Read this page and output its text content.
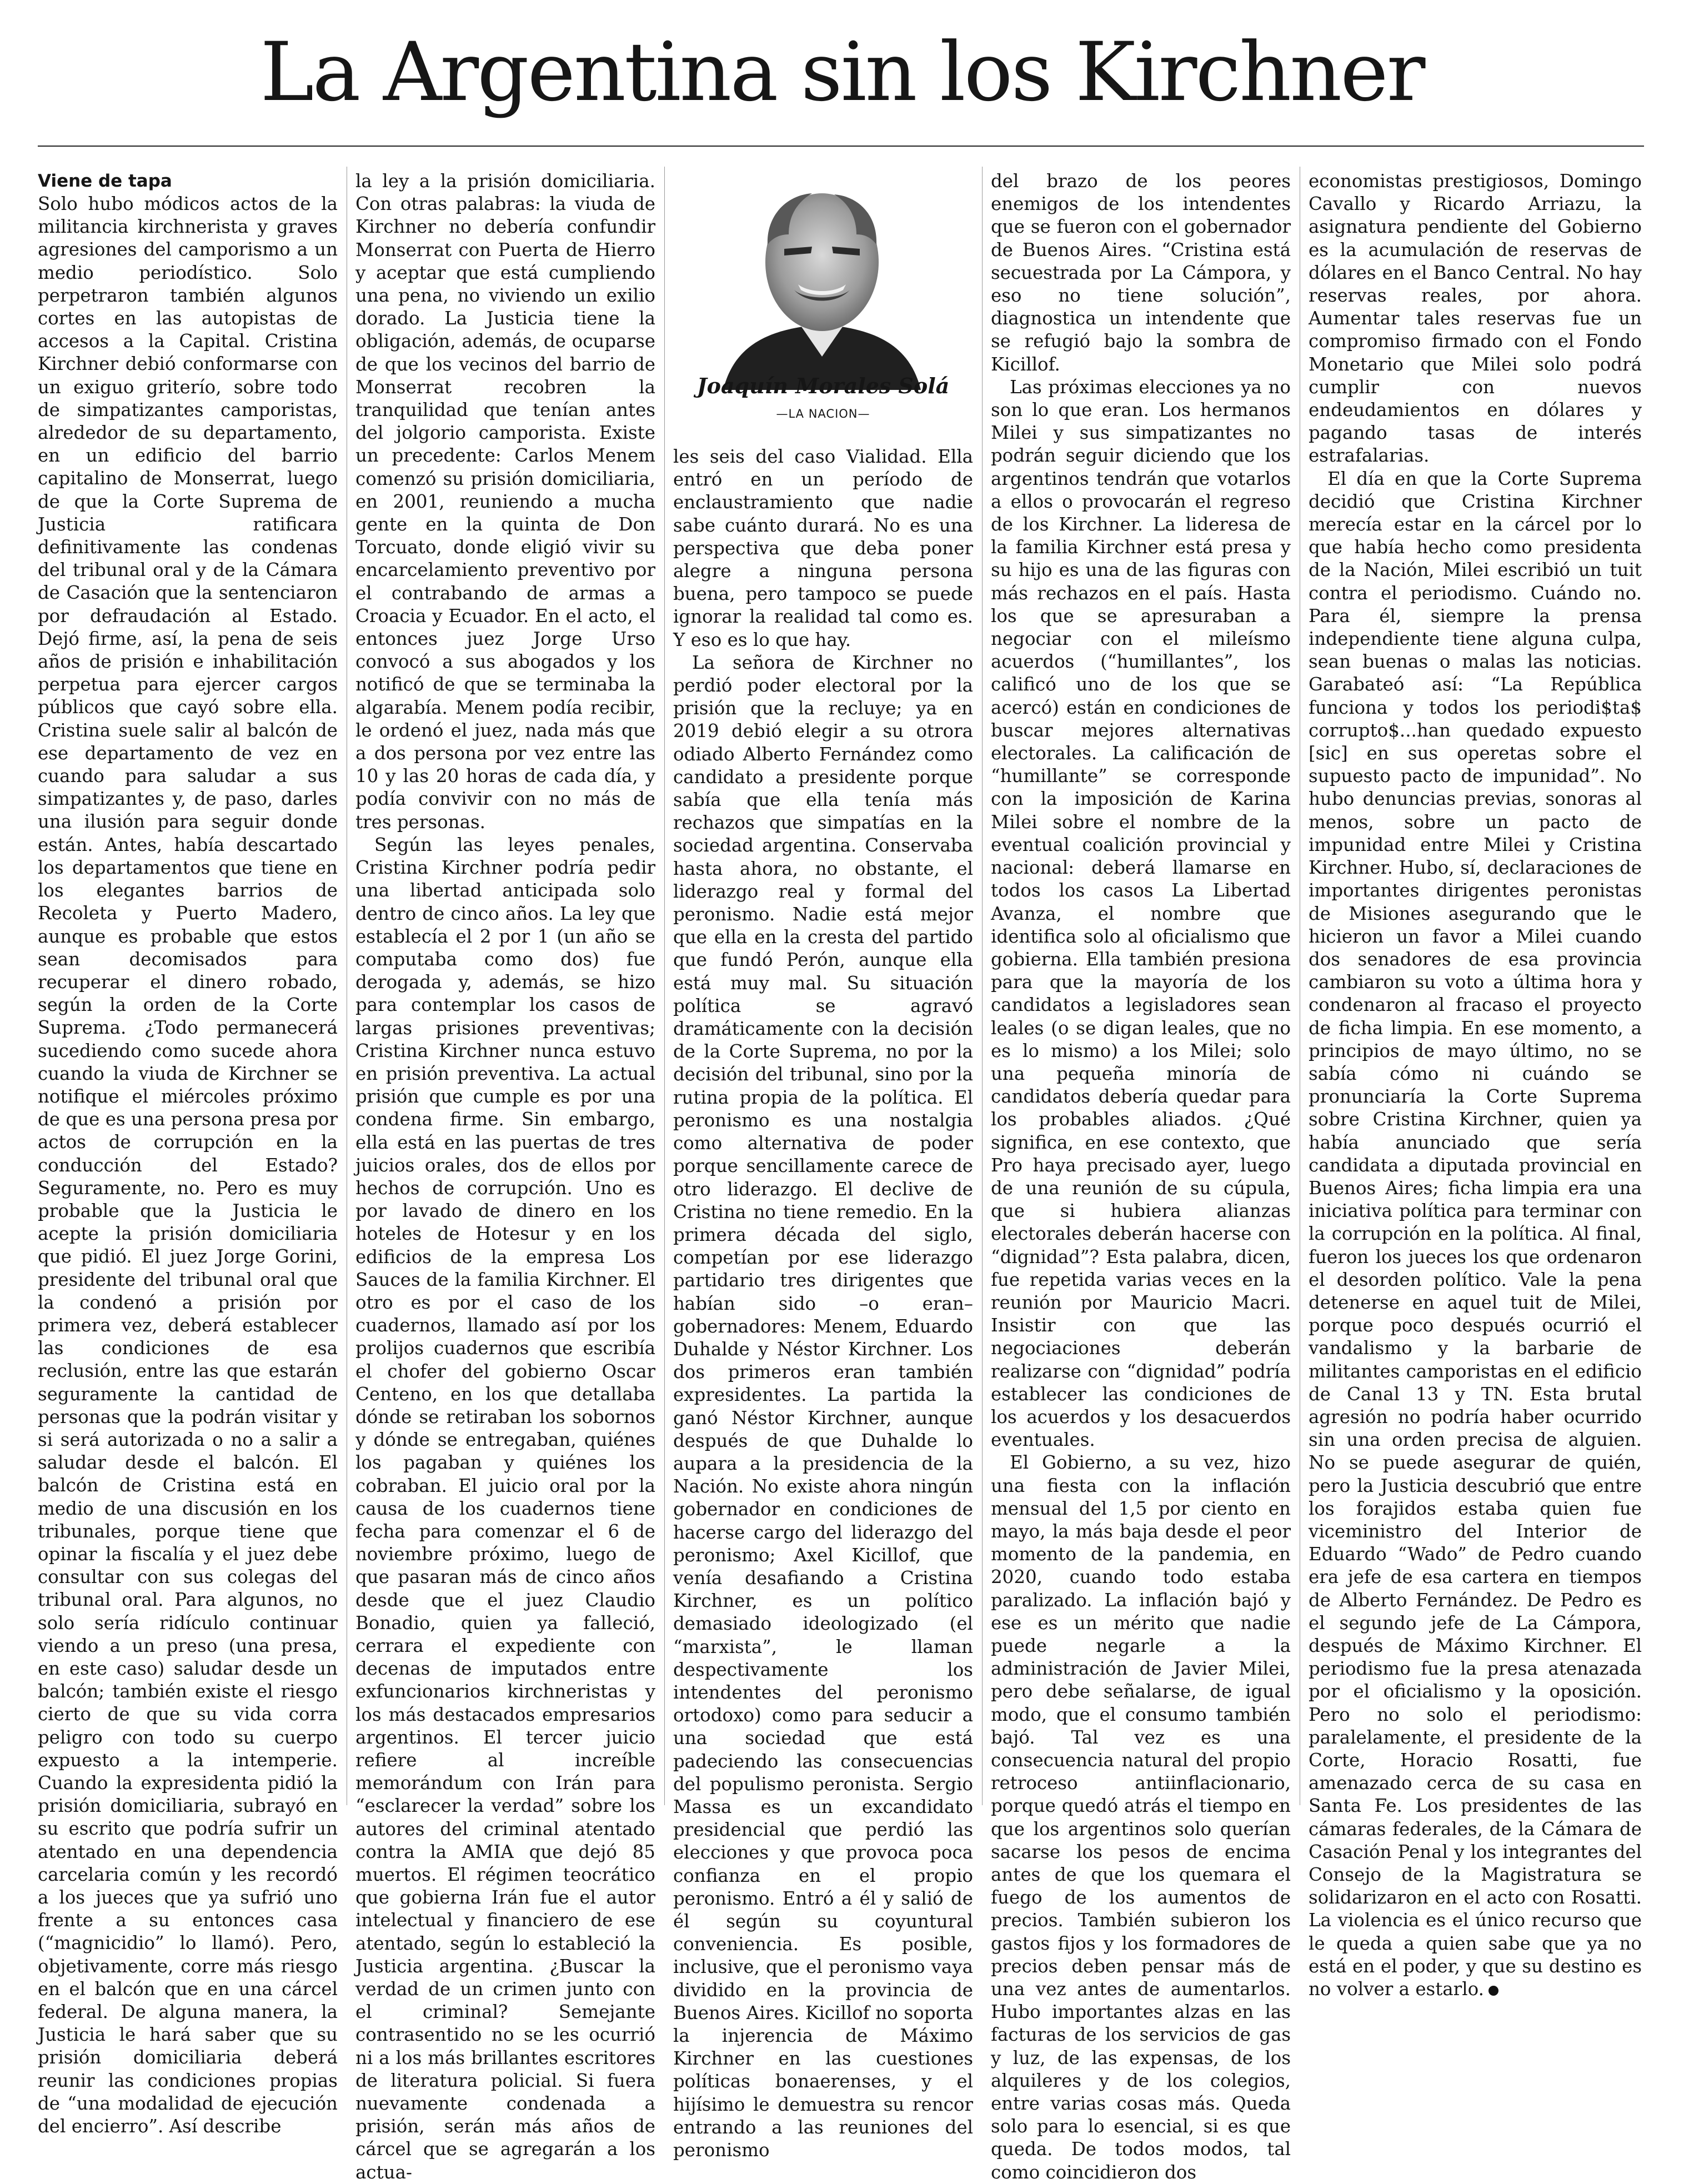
La Argentina sin los Kirchner
Viene de tapa

Solo hubo módicos actos de la militancia kirchnerista y graves agresiones del camporismo a un medio periodístico. Solo perpetraron también algunos cortes en las autopistas de accesos a la Capital. Cristina Kirchner debió conformarse con un exiguo griterío, sobre todo de simpatizantes camporistas, alrededor de su departamento, en un edificio del barrio capitalino de Monserrat, luego de que la Corte Suprema de Justicia ratificara definitivamente las condenas del tribunal oral y de la Cámara de Casación que la sentenciaron por defraudación al Estado. Dejó firme, así, la pena de seis años de prisión e inhabilitación perpetua para ejercer cargos públicos que cayó sobre ella. Cristina suele salir al balcón de ese departamento de vez en cuando para saludar a sus simpatizantes y, de paso, darles una ilusión para seguir donde están. Antes, había descartado los departamentos que tiene en los elegantes barrios de Recoleta y Puerto Madero, aunque es probable que estos sean decomisados para recuperar el dinero robado, según la orden de la Corte Suprema. ¿Todo permanecerá sucediendo como sucede ahora cuando la viuda de Kirchner se notifique el miércoles próximo de que es una persona presa por actos de corrupción en la conducción del Estado? Seguramente, no. Pero es muy probable que la Justicia le acepte la prisión domiciliaria que pidió. El juez Jorge Gorini, presidente del tribunal oral que la condenó a prisión por primera vez, deberá establecer las condiciones de esa reclusión, entre las que estarán seguramente la cantidad de personas que la podrán visitar y si será autorizada o no a salir a saludar desde el balcón. El balcón de Cristina está en medio de una discusión en los tribunales, porque tiene que opinar la fiscalía y el juez debe consultar con sus colegas del tribunal oral. Para algunos, no solo sería ridículo continuar viendo a un preso (una presa, en este caso) saludar desde un balcón; también existe el riesgo cierto de que su vida corra peligro con todo su cuerpo expuesto a la intemperie. Cuando la expresidenta pidió la prisión domiciliaria, subrayó en su escrito que podría sufrir un atentado en una dependencia carcelaria común y les recordó a los jueces que ya sufrió uno frente a su entonces casa (“magnicidio” lo llamó). Pero, objetivamente, corre más riesgo en el balcón que en una cárcel federal. De alguna manera, la Justicia le hará saber que su prisión domiciliaria deberá reunir las condiciones propias de “una modalidad de ejecución del encierro”. Así describe

la ley a la prisión domiciliaria. Con otras palabras: la viuda de Kirchner no debería confundir Monserrat con Puerta de Hierro y aceptar que está cumpliendo una pena, no viviendo un exilio dorado. La Justicia tiene la obligación, además, de ocuparse de que los vecinos del barrio de Monserrat recobren la tranquilidad que tenían antes del jolgorio camporista. Existe un precedente: Carlos Menem comenzó su prisión domiciliaria, en 2001, reuniendo a mucha gente en la quinta de Don Torcuato, donde eligió vivir su encarcelamiento preventivo por el contrabando de armas a Croacia y Ecuador. En el acto, el entonces juez Jorge Urso convocó a sus abogados y los notificó de que se terminaba la algarabía. Menem podía recibir, le ordenó el juez, nada más que a dos persona por vez entre las 10 y las 20 horas de cada día, y podía convivir con no más de tres personas.

Según las leyes penales, Cristina Kirchner podría pedir una libertad anticipada solo dentro de cinco años. La ley que establecía el 2 por 1 (un año se computaba como dos) fue derogada y, además, se hizo para contemplar los casos de largas prisiones preventivas; Cristina Kirchner nunca estuvo en prisión preventiva. La actual prisión que cumple es por una condena firme. Sin embargo, ella está en las puertas de tres juicios orales, dos de ellos por hechos de corrupción. Uno es por lavado de dinero en los hoteles de Hotesur y en los edificios de la empresa Los Sauces de la familia Kirchner. El otro es por el caso de los cuadernos, llamado así por los prolijos cuadernos que escribía el chofer del gobierno Oscar Centeno, en los que detallaba dónde se retiraban los sobornos y dónde se entregaban, quiénes los pagaban y quiénes los cobraban. El juicio oral por la causa de los cuadernos tiene fecha para comenzar el 6 de noviembre próximo, luego de que pasaran más de cinco años desde que el juez Claudio Bonadio, quien ya falleció, cerrara el expediente con decenas de imputados entre exfuncionarios kirchneristas y los más destacados empresarios argentinos. El tercer juicio refiere al increíble memorándum con Irán para “esclarecer la verdad” sobre los autores del criminal atentado contra la AMIA que dejó 85 muertos. El régimen teocrático que gobierna Irán fue el autor intelectual y financiero de ese atentado, según lo estableció la Justicia argentina. ¿Buscar la verdad de un crimen junto con el criminal? Semejante contrasentido no se les ocurrió ni a los más brillantes escritores de literatura policial. Si fuera nuevamente condenada a prisión, serán más años de cárcel que se agregarán a los actua-

Joaquín Morales Solá
—LA NACION—

les seis del caso Vialidad. Ella entró en un período de enclaustramiento que nadie sabe cuánto durará. No es una perspectiva que deba poner alegre a ninguna persona buena, pero tampoco se puede ignorar la realidad tal como es. Y eso es lo que hay.

La señora de Kirchner no perdió poder electoral por la prisión que la recluye; ya en 2019 debió elegir a su otrora odiado Alberto Fernández como candidato a presidente porque sabía que ella tenía más rechazos que simpatías en la sociedad argentina. Conservaba hasta ahora, no obstante, el liderazgo real y formal del peronismo. Nadie está mejor que ella en la cresta del partido que fundó Perón, aunque ella está muy mal. Su situación política se agravó dramáticamente con la decisión de la Corte Suprema, no por la decisión del tribunal, sino por la rutina propia de la política. El peronismo es una nostalgia como alternativa de poder porque sencillamente carece de otro liderazgo. El declive de Cristina no tiene remedio. En la primera década del siglo, competían por ese liderazgo partidario tres dirigentes que habían sido –o eran– gobernadores: Menem, Eduardo Duhalde y Néstor Kirchner. Los dos primeros eran también expresidentes. La partida la ganó Néstor Kirchner, aunque después de que Duhalde lo aupara a la presidencia de la Nación. No existe ahora ningún gobernador en condiciones de hacerse cargo del liderazgo del peronismo; Axel Kicillof, que venía desafiando a Cristina Kirchner, es un político demasiado ideologizado (el “marxista”, le llaman despectivamente los intendentes del peronismo ortodoxo) como para seducir a una sociedad que está padeciendo las consecuencias del populismo peronista. Sergio Massa es un excandidato presidencial que perdió las elecciones y que provoca poca confianza en el propio peronismo. Entró a él y salió de él según su coyuntural conveniencia. Es posible, inclusive, que el peronismo vaya dividido en la provincia de Buenos Aires. Kicillof no soporta la injerencia de Máximo Kirchner en las cuestiones políticas bonaerenses, y el hijísimo le demuestra su rencor entrando a las reuniones del peronismo

del brazo de los peores enemigos de los intendentes que se fueron con el gobernador de Buenos Aires. “Cristina está secuestrada por La Cámpora, y eso no tiene solución”, diagnostica un intendente que se refugió bajo la sombra de Kicillof.

Las próximas elecciones ya no son lo que eran. Los hermanos Milei y sus simpatizantes no podrán seguir diciendo que los argentinos tendrán que votarlos a ellos o provocarán el regreso de los Kirchner. La lideresa de la familia Kirchner está presa y su hijo es una de las figuras con más rechazos en el país. Hasta los que se apresuraban a negociar con el mileísmo acuerdos (“humillantes”, los calificó uno de los que se acercó) están en condiciones de buscar mejores alternativas electorales. La calificación de “humillante” se corresponde con la imposición de Karina Milei sobre el nombre de la eventual coalición provincial y nacional: deberá llamarse en todos los casos La Libertad Avanza, el nombre que identifica solo al oficialismo que gobierna. Ella también presiona para que la mayoría de los candidatos a legisladores sean leales (o se digan leales, que no es lo mismo) a los Milei; solo una pequeña minoría de candidatos debería quedar para los probables aliados. ¿Qué significa, en ese contexto, que Pro haya precisado ayer, luego de una reunión de su cúpula, que si hubiera alianzas electorales deberán hacerse con “dignidad”? Esta palabra, dicen, fue repetida varias veces en la reunión por Mauricio Macri. Insistir con que las negociaciones deberán realizarse con “dignidad” podría establecer las condiciones de los acuerdos y los desacuerdos eventuales.

El Gobierno, a su vez, hizo una fiesta con la inflación mensual del 1,5 por ciento en mayo, la más baja desde el peor momento de la pandemia, en 2020, cuando todo estaba paralizado. La inflación bajó y ese es un mérito que nadie puede negarle a la administración de Javier Milei, pero debe señalarse, de igual modo, que el consumo también bajó. Tal vez es una consecuencia natural del propio retroceso antiinflacionario, porque quedó atrás el tiempo en que los argentinos solo querían sacarse los pesos de encima antes de que los quemara el fuego de los aumentos de precios. También subieron los gastos fijos y los formadores de precios deben pensar más de una vez antes de aumentarlos. Hubo importantes alzas en las facturas de los servicios de gas y luz, de las expensas, de los alquileres y de los colegios, entre varias cosas más. Queda solo para lo esencial, si es que queda. De todos modos, tal como coincidieron dos

economistas prestigiosos, Domingo Cavallo y Ricardo Arriazu, la asignatura pendiente del Gobierno es la acumulación de reservas de dólares en el Banco Central. No hay reservas reales, por ahora. Aumentar tales reservas fue un compromiso firmado con el Fondo Monetario que Milei solo podrá cumplir con nuevos endeudamientos en dólares y pagando tasas de interés estrafalarias.

El día en que la Corte Suprema decidió que Cristina Kirchner merecía estar en la cárcel por lo que había hecho como presidenta de la Nación, Milei escribió un tuit contra el periodismo. Cuándo no. Para él, siempre la prensa independiente tiene alguna culpa, sean buenas o malas las noticias. Garabateó así: “La República funciona y todos los periodi$ta$ corrupto$...han quedado expuesto [sic] en sus operetas sobre el supuesto pacto de impunidad”. No hubo denuncias previas, sonoras al menos, sobre un pacto de impunidad entre Milei y Cristina Kirchner. Hubo, sí, declaraciones de importantes dirigentes peronistas de Misiones asegurando que le hicieron un favor a Milei cuando dos senadores de esa provincia cambiaron su voto a última hora y condenaron al fracaso el proyecto de ficha limpia. En ese momento, a principios de mayo último, no se sabía cómo ni cuándo se pronunciaría la Corte Suprema sobre Cristina Kirchner, quien ya había anunciado que sería candidata a diputada provincial en Buenos Aires; ficha limpia era una iniciativa política para terminar con la corrupción en la política. Al final, fueron los jueces los que ordenaron el desorden político. Vale la pena detenerse en aquel tuit de Milei, porque poco después ocurrió el vandalismo y la barbarie de militantes camporistas en el edificio de Canal 13 y TN. Esta brutal agresión no podría haber ocurrido sin una orden precisa de alguien. No se puede asegurar de quién, pero la Justicia descubrió que entre los forajidos estaba quien fue viceministro del Interior de Eduardo “Wado” de Pedro cuando era jefe de esa cartera en tiempos de Alberto Fernández. De Pedro es el segundo jefe de La Cámpora, después de Máximo Kirchner. El periodismo fue la presa atenazada por el oficialismo y la oposición. Pero no solo el periodismo: paralelamente, el presidente de la Corte, Horacio Rosatti, fue amenazado cerca de su casa en Santa Fe. Los presidentes de las cámaras federales, de la Cámara de Casación Penal y los integrantes del Consejo de la Magistratura se solidarizaron en el acto con Rosatti. La violencia es el único recurso que le queda a quien sabe que ya no está en el poder, y que su destino es no volver a estarlo.
